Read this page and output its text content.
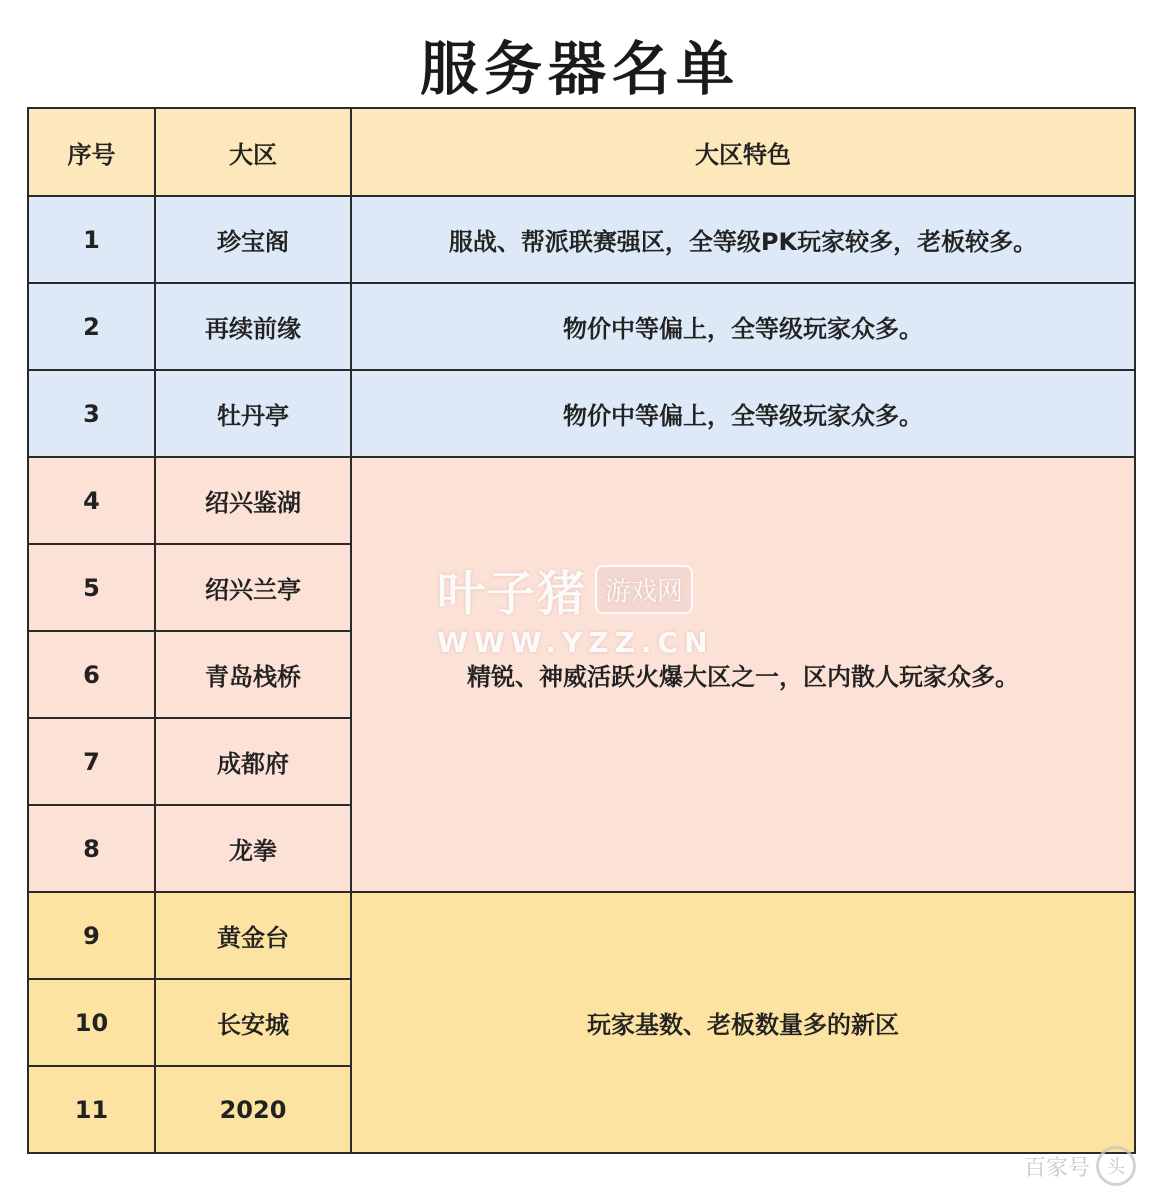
服务器名单
序号	大区	大区特色
1	珍宝阁	服战、帮派联赛强区，全等级PK玩家较多，老板较多。
2	再续前缘	物价中等偏上，全等级玩家众多。
3	牡丹亭	物价中等偏上，全等级玩家众多。
4	绍兴鉴湖	精锐、神威活跃火爆大区之一，区内散人玩家众多。
5	绍兴兰亭	
6	青岛栈桥	
7	成都府	
8	龙拳	
9	黄金台	玩家基数、老板数量多的新区
10	长安城	
11	2020	
叶子猪 游戏网
WWW.YZZ.CN
百家号 头
